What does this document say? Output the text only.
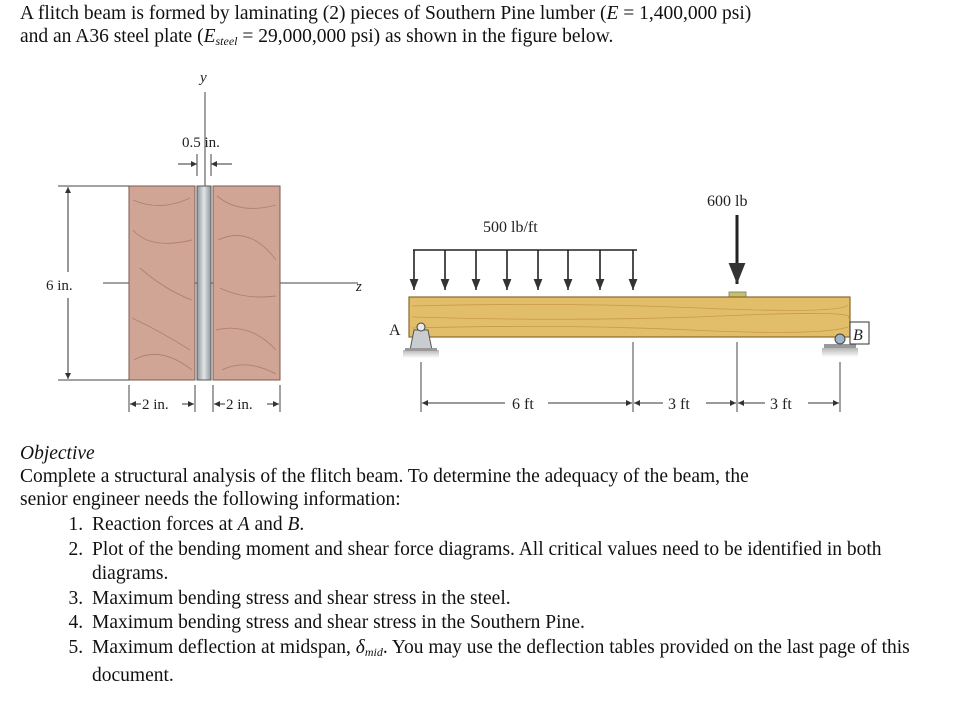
A flitch beam is formed by laminating (2) pieces of Southern Pine lumber (E = 1,400,000 psi)

and an A36 steel plate ($E_{steel} = 29,000,000$ psi) as shown in the figure below.

y
z
0.5 in.
6 in.
2 in.	2 in.
500 lb/ft
600 lb
A	B
6 ft	3 ft	3 ft

Objective

Complete a structural analysis of the flitch beam. To determine the adequacy of the beam, the

senior engineer needs the following information:

1. Reaction forces at A and B.
2. Plot of the bending moment and shear force diagrams. All critical values need to be identified in both diagrams.
3. Maximum bending stress and shear stress in the steel.
4. Maximum bending stress and shear stress in the Southern Pine.
5. Maximum deflection at midspan, $\delta_{mid}$. You may use the deflection tables provided on the last page of this document.
